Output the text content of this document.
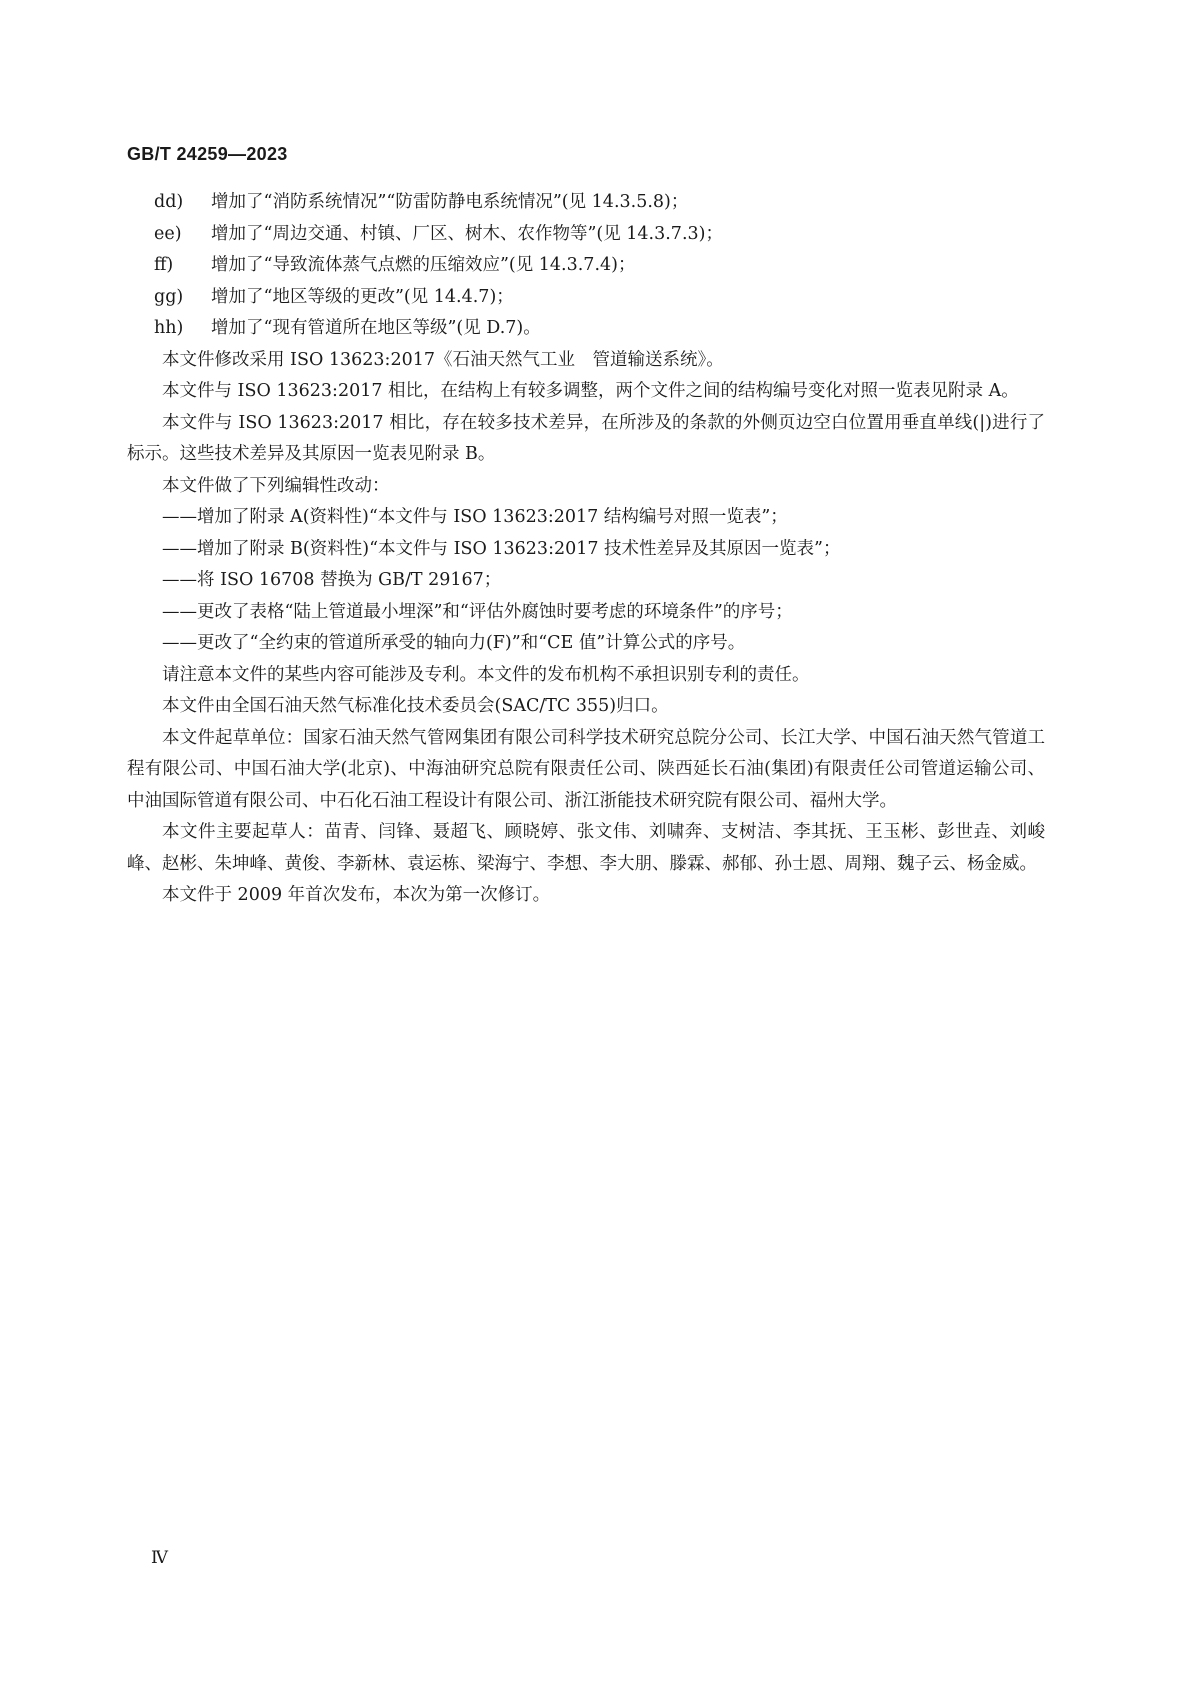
GB/T 24259—2023
dd)	增加了“消防系统情况”“防雷防静电系统情况”(见 14.3.5.8)；
ee)	增加了“周边交通、村镇、厂区、树木、农作物等”(见 14.3.7.3)；
ff)	增加了“导致流体蒸气点燃的压缩效应”(见 14.3.7.4)；
gg)	增加了“地区等级的更改”(见 14.4.7)；
hh)	增加了“现有管道所在地区等级”(见 D.7)。
本文件修改采用 ISO 13623:2017《石油天然气工业　管道输送系统》。
本文件与 ISO 13623:2017 相比，在结构上有较多调整，两个文件之间的结构编号变化对照一览表见附录 A。
本文件与 ISO 13623:2017 相比，存在较多技术差异，在所涉及的条款的外侧页边空白位置用垂直单线(|)进行了标示。这些技术差异及其原因一览表见附录 B。
本文件做了下列编辑性改动：
——增加了附录 A(资料性)“本文件与 ISO 13623:2017 结构编号对照一览表”；
——增加了附录 B(资料性)“本文件与 ISO 13623:2017 技术性差异及其原因一览表”；
——将 ISO 16708 替换为 GB/T 29167；
——更改了表格“陆上管道最小埋深”和“评估外腐蚀时要考虑的环境条件”的序号；
——更改了“全约束的管道所承受的轴向力(F)”和“CE 值”计算公式的序号。
请注意本文件的某些内容可能涉及专利。本文件的发布机构不承担识别专利的责任。
本文件由全国石油天然气标准化技术委员会(SAC/TC 355)归口。
本文件起草单位：国家石油天然气管网集团有限公司科学技术研究总院分公司、长江大学、中国石油天然气管道工程有限公司、中国石油大学(北京)、中海油研究总院有限责任公司、陕西延长石油(集团)有限责任公司管道运输公司、中油国际管道有限公司、中石化石油工程设计有限公司、浙江浙能技术研究院有限公司、福州大学。
本文件主要起草人：苗青、闫锋、聂超飞、顾晓婷、张文伟、刘啸奔、支树洁、李其抚、王玉彬、彭世垚、刘峻峰、赵彬、朱坤峰、黄俊、李新林、袁运栋、梁海宁、李想、李大朋、滕霖、郝郁、孙士恩、周翔、魏子云、杨金威。
本文件于 2009 年首次发布，本次为第一次修订。
Ⅳ
